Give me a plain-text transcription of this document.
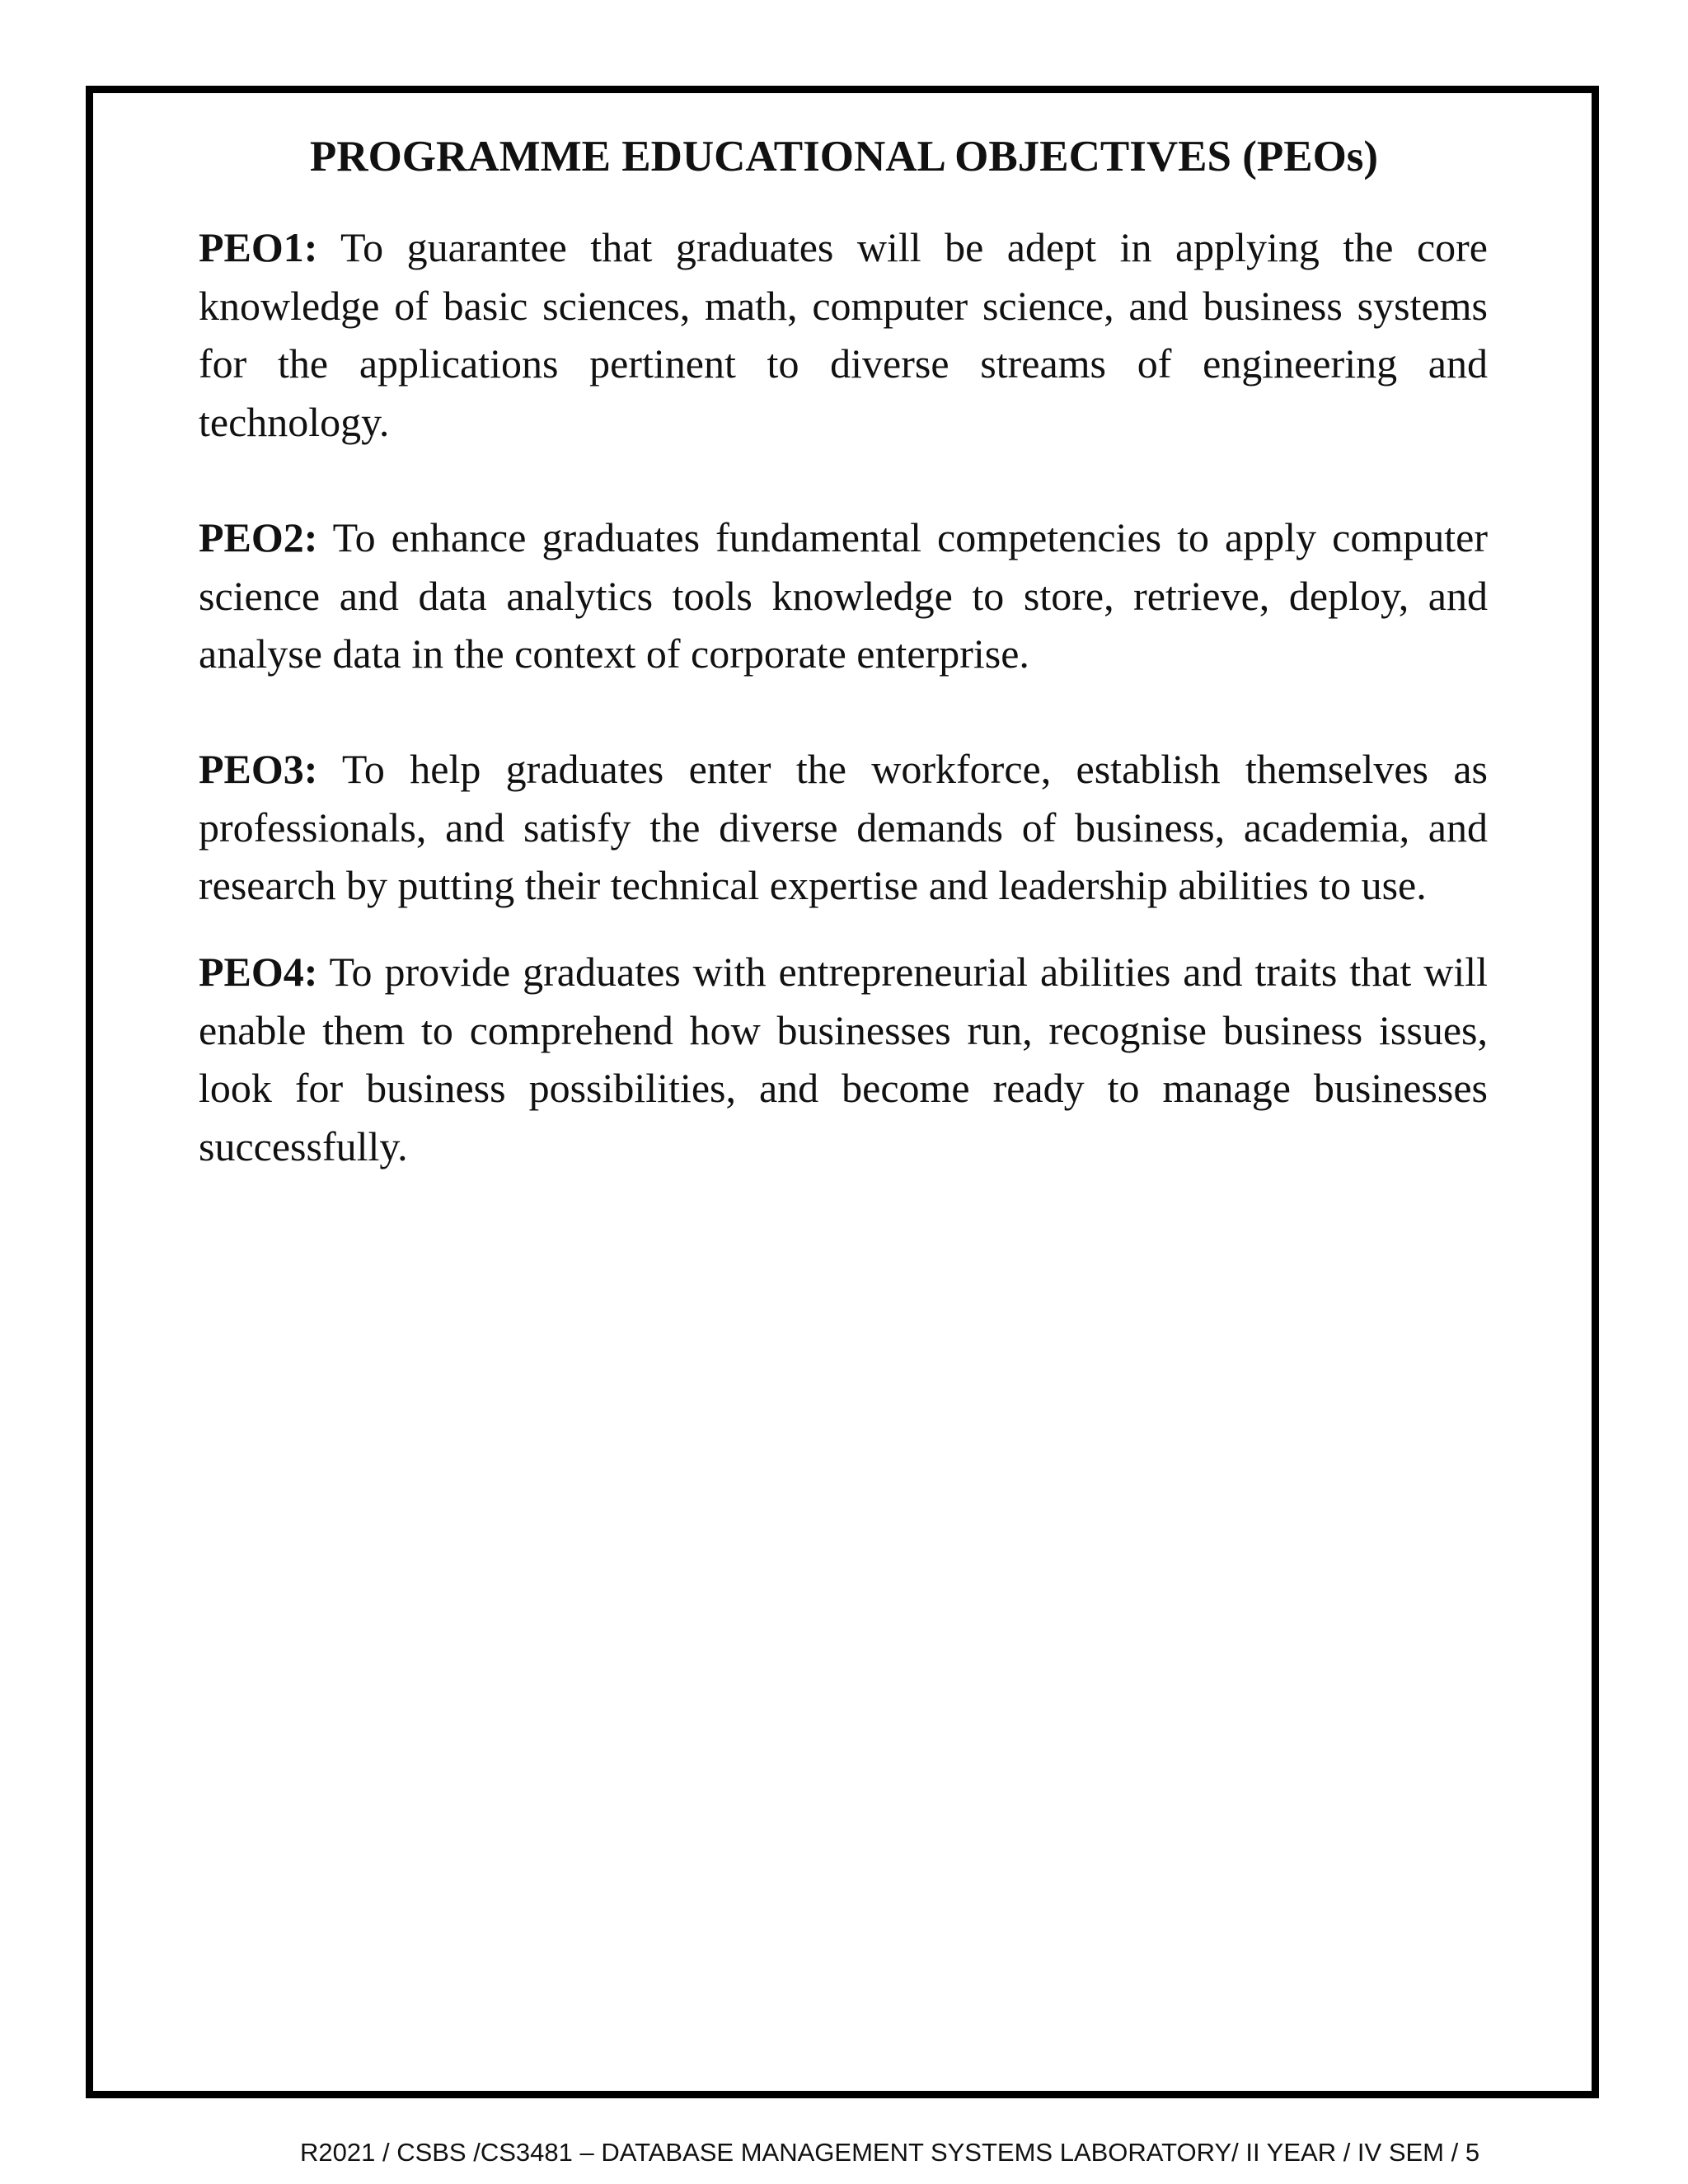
PROGRAMME EDUCATIONAL OBJECTIVES (PEOs)

PEO1: To guarantee that graduates will be adept in applying the core knowledge of basic sciences, math, computer science, and business systems for the applications pertinent to diverse streams of engineering and technology.

PEO2: To enhance graduates fundamental competencies to apply computer science and data analytics tools knowledge to store, retrieve, deploy, and analyse data in the context of corporate enterprise.

PEO3: To help graduates enter the workforce, establish themselves as professionals, and satisfy the diverse demands of business, academia, and research by putting their technical expertise and leadership abilities to use.

PEO4: To provide graduates with entrepreneurial abilities and traits that will enable them to comprehend how businesses run, recognise business issues, look for business possibilities, and become ready to manage businesses successfully.

R2021 / CSBS /CS3481 – DATABASE MANAGEMENT SYSTEMS LABORATORY/ II YEAR / IV SEM / 5
